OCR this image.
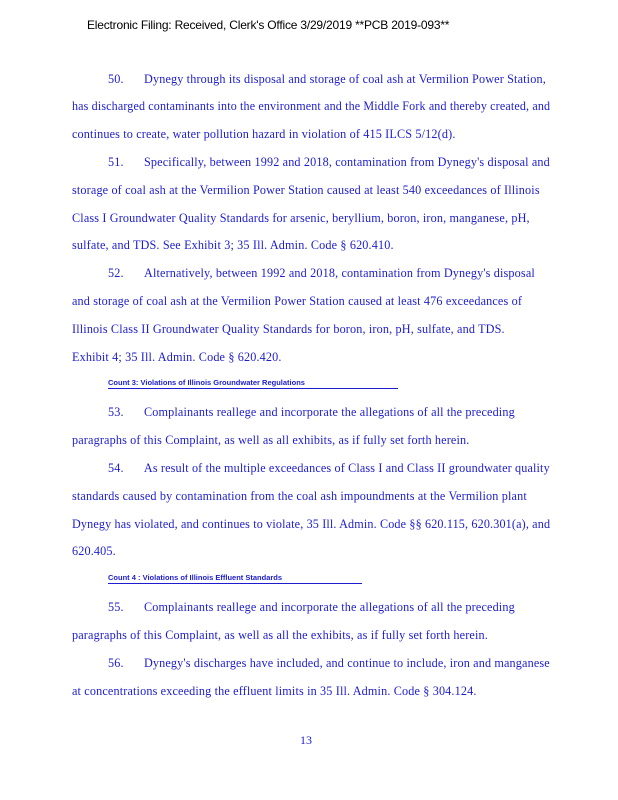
Electronic Filing: Received, Clerk's Office 3/29/2019 **PCB 2019-093**
50. Dynegy through its disposal and storage of coal ash at Vermilion Power Station,
has discharged contaminants into the environment and the Middle Fork and thereby created, and
continues to create, water pollution hazard in violation of 415 ILCS 5/12(d).
51. Specifically, between 1992 and 2018, contamination from Dynegy's disposal and
storage of coal ash at the Vermilion Power Station caused at least 540 exceedances of Illinois
Class I Groundwater Quality Standards for arsenic, beryllium, boron, iron, manganese, pH,
sulfate, and TDS. See Exhibit 3; 35 Ill. Admin. Code § 620.410.
52. Alternatively, between 1992 and 2018, contamination from Dynegy's disposal
and storage of coal ash at the Vermilion Power Station caused at least 476 exceedances of
Illinois Class II Groundwater Quality Standards for boron, iron, pH, sulfate, and TDS.
Exhibit 4; 35 Ill. Admin. Code § 620.420.
Count 3: Violations of Illinois Groundwater Regulations
53. Complainants reallege and incorporate the allegations of all the preceding
paragraphs of this Complaint, as well as all exhibits, as if fully set forth herein.
54. As result of the multiple exceedances of Class I and Class II groundwater quality
standards caused by contamination from the coal ash impoundments at the Vermilion plant
Dynegy has violated, and continues to violate, 35 Ill. Admin. Code §§ 620.115, 620.301(a), and
620.405.
Count 4 : Violations of Illinois Effluent Standards
55. Complainants reallege and incorporate the allegations of all the preceding
paragraphs of this Complaint, as well as all the exhibits, as if fully set forth herein.
56. Dynegy's discharges have included, and continue to include, iron and manganese
at concentrations exceeding the effluent limits in 35 Ill. Admin. Code § 304.124.
13
